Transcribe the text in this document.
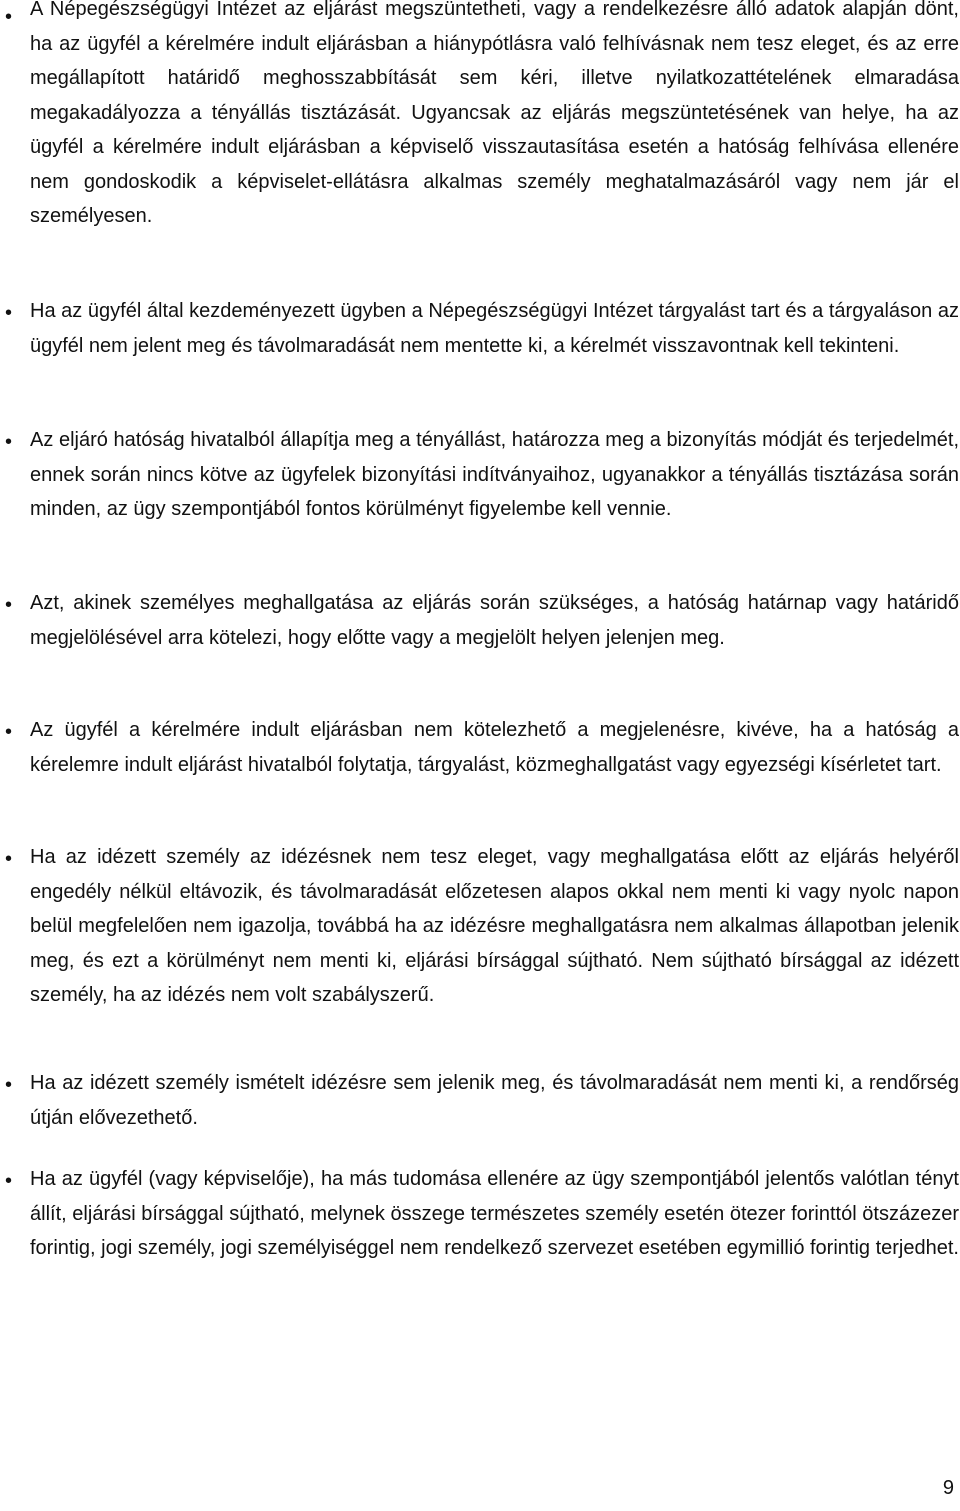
• A Népegészségügyi Intézet az eljárást megszüntetheti, vagy a rendelkezésre álló adatok alapján dönt, ha az ügyfél a kérelmére indult eljárásban a hiánypótlásra való felhívásnak nem tesz eleget, és az erre megállapított határidő meghosszabbítását sem kéri, illetve nyilatkozattételének elmaradása megakadályozza a tényállás tisztázását. Ugyancsak az eljárás megszüntetésének van helye, ha az ügyfél a kérelmére indult eljárásban a képviselő visszautasítása esetén a hatóság felhívása ellenére nem gondoskodik a képviselet-ellátásra alkalmas személy meghatalmazásáról vagy nem jár el személyesen.
• Ha az ügyfél által kezdeményezett ügyben a Népegészségügyi Intézet tárgyalást tart és a tárgyaláson az ügyfél nem jelent meg és távolmaradását nem mentette ki, a kérelmét visszavontnak kell tekinteni.
• Az eljáró hatóság hivatalból állapítja meg a tényállást, határozza meg a bizonyítás módját és terjedelmét, ennek során nincs kötve az ügyfelek bizonyítási indítványaihoz, ugyanakkor a tényállás tisztázása során minden, az ügy szempontjából fontos körülményt figyelembe kell vennie.
• Azt, akinek személyes meghallgatása az eljárás során szükséges, a hatóság határnap vagy határidő megjelölésével arra kötelezi, hogy előtte vagy a megjelölt helyen jelenjen meg.
• Az ügyfél a kérelmére indult eljárásban nem kötelezhető a megjelenésre, kivéve, ha a hatóság a kérelemre indult eljárást hivatalból folytatja, tárgyalást, közmeghallgatást vagy egyezségi kísérletet tart.
• Ha az idézett személy az idézésnek nem tesz eleget, vagy meghallgatása előtt az eljárás helyéről engedély nélkül eltávozik, és távolmaradását előzetesen alapos okkal nem menti ki vagy nyolc napon belül megfelelően nem igazolja, továbbá ha az idézésre meghallgatásra nem alkalmas állapotban jelenik meg, és ezt a körülményt nem menti ki, eljárási bírsággal sújtható. Nem sújtható bírsággal az idézett személy, ha az idézés nem volt szabályszerű.
• Ha az idézett személy ismételt idézésre sem jelenik meg, és távolmaradását nem menti ki, a rendőrség útján elővezethető.
• Ha az ügyfél (vagy képviselője), ha más tudomása ellenére az ügy szempontjából jelentős valótlan tényt állít, eljárási bírsággal sújtható, melynek összege természetes személy esetén ötezer forinttól ötszázezer forintig, jogi személy, jogi személyiséggel nem rendelkező szervezet esetében egymillió forintig terjedhet.
9
